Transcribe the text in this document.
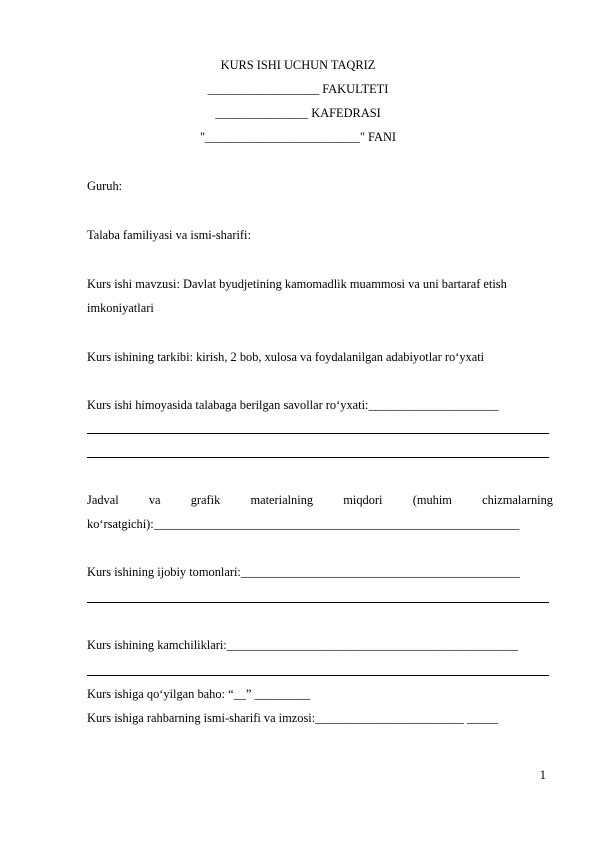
KURS ISHI UCHUN TAQRIZ
__________________ FAKULTETI
_______________ KAFEDRASI
"_________________________" FANI
Guruh:
Talaba familiyasi va ismi-sharifi:
Kurs ishi mavzusi: Davlat byudjetining kamomadlik muammosi va uni bartaraf etish
imkoniyatlari
Kurs ishining tarkibi: kirish, 2 bob, xulosa va foydalanilgan adabiyotlar ro‘yxati
Kurs ishi himoyasida talabaga berilgan savollar ro‘yxati:_____________________
Jadval va grafik materialning miqdori (muhim chizmalarning
ko‘rsatgichi):___________________________________________________________
Kurs ishining ijobiy tomonlari:_____________________________________________
Kurs ishining kamchiliklari:_______________________________________________
Kurs ishiga qo‘yilgan baho: “__” _________
Kurs ishiga rahbarning ismi-sharifi va imzosi:________________________ _____
1
